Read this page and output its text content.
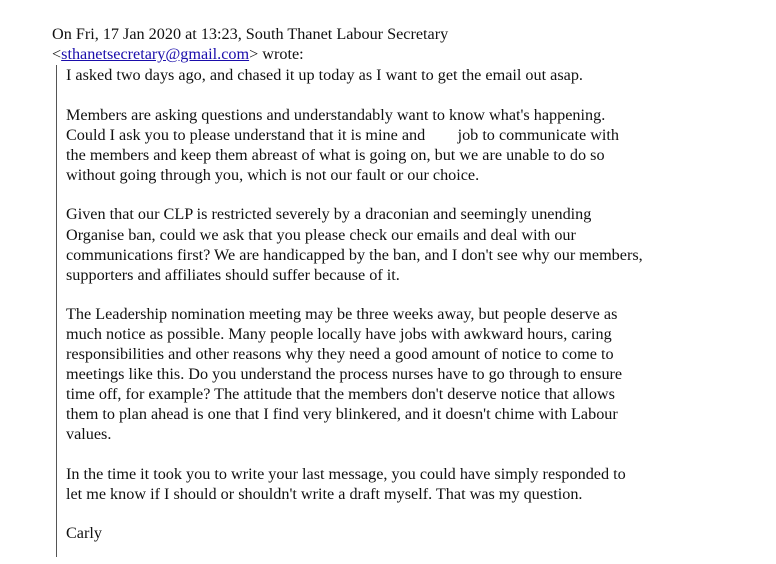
On Fri, 17 Jan 2020 at 13:23, South Thanet Labour Secretary
<sthanetsecretary@gmail.com> wrote:
I asked two days ago, and chased it up today as I want to get the email out asap.
Members are asking questions and understandably want to know what's happening.
Could I ask you to please understand that it is mine and        job to communicate with
the members and keep them abreast of what is going on, but we are unable to do so
without going through you, which is not our fault or our choice.
Given that our CLP is restricted severely by a draconian and seemingly unending
Organise ban, could we ask that you please check our emails and deal with our
communications first? We are handicapped by the ban, and I don't see why our members,
supporters and affiliates should suffer because of it.
The Leadership nomination meeting may be three weeks away, but people deserve as
much notice as possible. Many people locally have jobs with awkward hours, caring
responsibilities and other reasons why they need a good amount of notice to come to
meetings like this. Do you understand the process nurses have to go through to ensure
time off, for example? The attitude that the members don't deserve notice that allows
them to plan ahead is one that I find very blinkered, and it doesn't chime with Labour
values.
In the time it took you to write your last message, you could have simply responded to
let me know if I should or shouldn't write a draft myself. That was my question.
Carly
